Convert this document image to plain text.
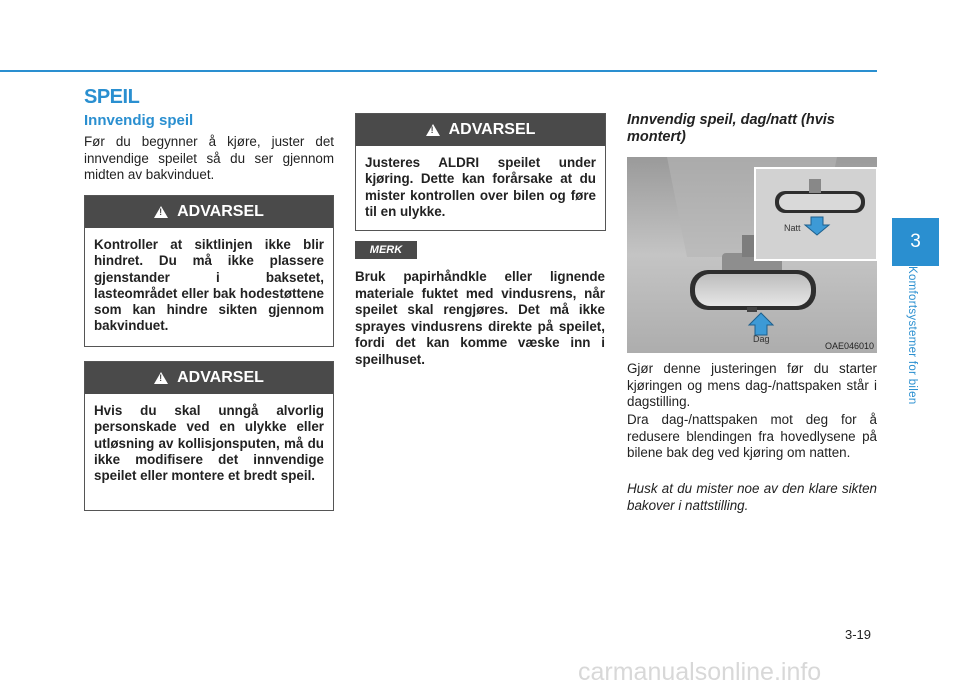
SPEIL
Innvendig speil

Før du begynner å kjøre, juster det innvendige speilet så du ser gjennom midten av bakvinduet.

!
ADVARSEL
Kontroller at siktlinjen ikke blir hindret. Du må ikke plassere gjenstander i baksetet, lasteområdet eller bak hodestøttene som kan hindre sikten gjennom bakvinduet.
!
ADVARSEL
Hvis du skal unngå alvorlig personskade ved en ulykke eller utløsning av kollisjonsputen, må du ikke modifisere det innvendige speilet eller montere et bredt speil.
!
ADVARSEL
Justeres ALDRI speilet under kjøring. Dette kan forårsake at du mister kontrollen over bilen og føre til en ulykke.
MERK

Bruk papirhåndkle eller lignende materiale fuktet med vindusrens, når speilet skal rengjøres. Det må ikke sprayes vindusrens direkte på speilet, fordi det kan komme væske inn i speilhuset.

Innvendig speil, dag/natt (hvis montert)
Natt
Dag
OAE046010

Gjør denne justeringen før du starter kjøringen og mens dag-/nattspaken står i dagstilling.

Dra dag-/nattspaken mot deg for å redusere blendingen fra hovedlysene på bilene bak deg ved kjøring om natten.

Husk at du mister noe av den klare sikten bakover i nattstilling.

3
Komfortsystemer for bilen
3-19
carmanualsonline.info
